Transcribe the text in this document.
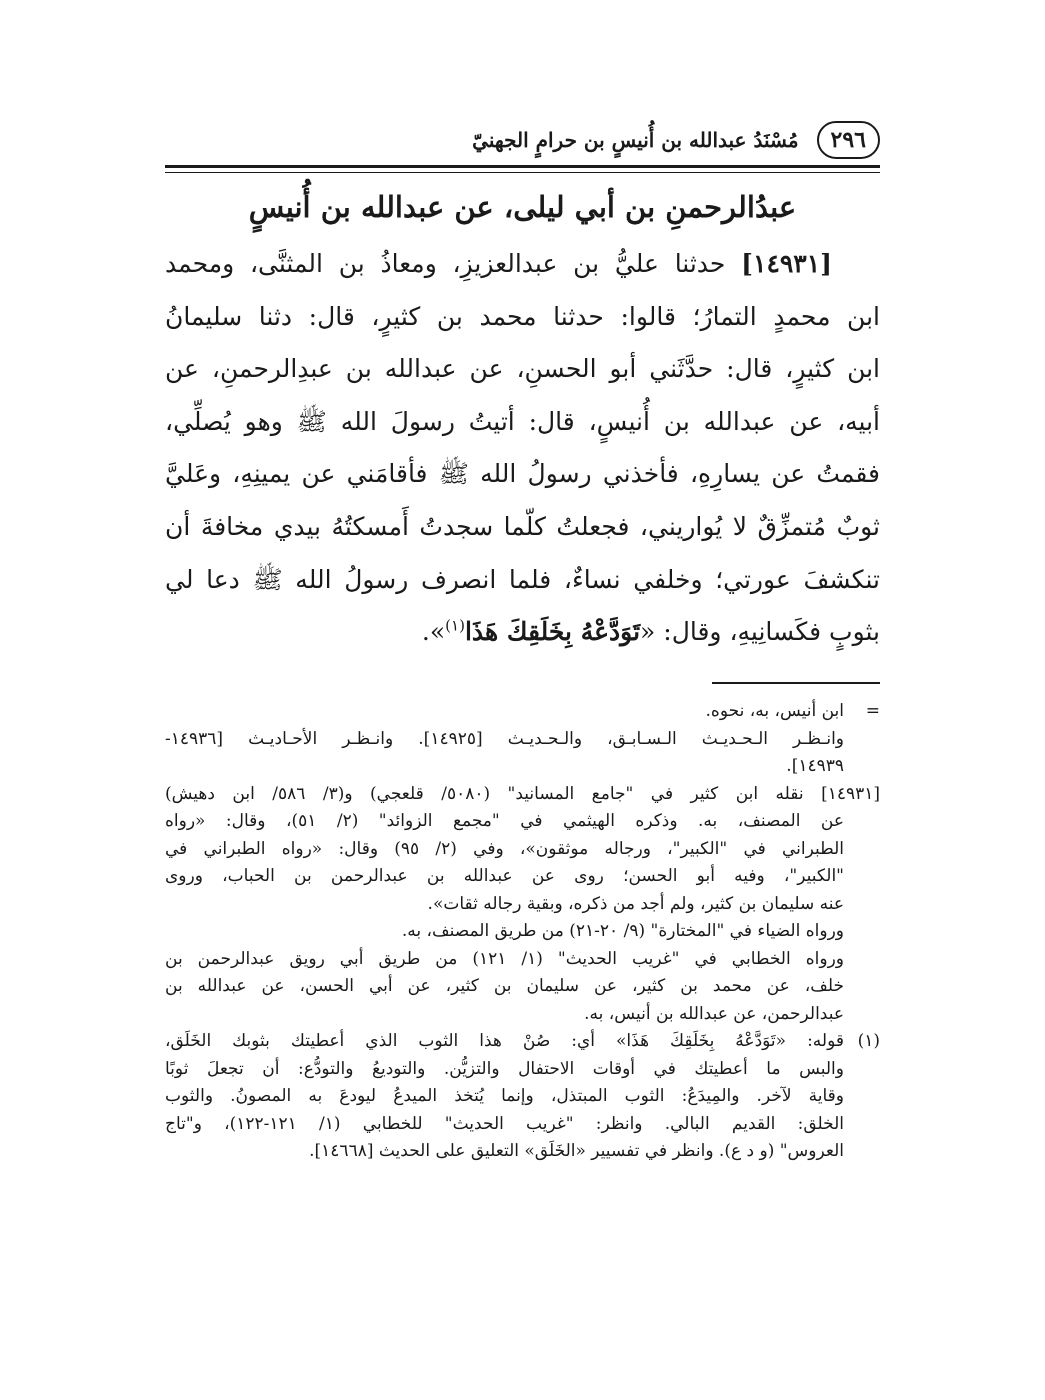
٢٩٦
مُسْنَدُ عبدالله بن أُنيسٍ بن حرامٍ الجهنيّ
عبدُالرحمنِ بن أبي ليلى، عن عبدالله بن أُنيسٍ
[١٤٩٣١] حدثنا عليُّ بن عبدالعزيزِ، ومعاذُ بن المثنَّى، ومحمد
ابن محمدٍ التمارُ؛ قالوا: حدثنا محمد بن كثيرٍ، قال: دثنا سليمانُ
ابن كثيرٍ، قال: حدَّثَني أبو الحسنِ، عن عبدالله بن عبدِالرحمنِ، عن
أبيه، عن عبدالله بن أُنيسٍ، قال: أتيتُ رسولَ الله ﷺ وهو يُصلِّي،
فقمتُ عن يسارِهِ، فأخذني رسولُ الله ﷺ فأقامَني عن يمينِهِ، وعَليَّ
ثوبٌ مُتمزِّقٌ لا يُواريني، فجعلتُ كلّما سجدتُ أَمسكتُهُ بيدي مخافةَ أن
تنكشفَ عورتي؛ وخلفي نساءٌ، فلما انصرف رسولُ الله ﷺ دعا لي
بثوبٍ فكَسانِيهِ، وقال: «تَوَدَّعْهُ بِخَلَقِكَ هَذَا$^{(١)}$».
=ابن أنيس، به، نحوه.
وانـظـر الـحـديـث الـسـابـق، والـحـديـث [١٤٩٢٥]. وانـظـر الأحـاديـث [١٤٩٣٦-
١٤٩٣٩].
[١٤٩٣١] نقله ابن كثير في "جامع المسانيد" (٥٠٨٠/ قلعجي) و(٣/ ٥٨٦/ ابن دهيش)
عن المصنف، به. وذكره الهيثمي في "مجمع الزوائد" (٢/ ٥١)، وقال: «رواه
الطبراني في "الكبير"، ورجاله موثقون»، وفي (٢/ ٩٥) وقال: «رواه الطبراني في
"الكبير"، وفيه أبو الحسن؛ روى عن عبدالله بن عبدالرحمن بن الحباب، وروى
عنه سليمان بن كثير، ولم أجد من ذكره، وبقية رجاله ثقات».
ورواه الضياء في "المختارة" (٩/ ٢٠-٢١) من طريق المصنف، به.
ورواه الخطابي في "غريب الحديث" (١/ ١٢١) من طريق أبي رويق عبدالرحمن بن
خلف، عن محمد بن كثير، عن سليمان بن كثير، عن أبي الحسن، عن عبدالله بن
عبدالرحمن، عن عبدالله بن أنيس، به.
(١)قوله: «تَوَدَّعْهُ بِخَلَقِكَ هَذَا» أي: صُنْ هذا الثوب الذي أعطيتك بثوبك الخَلَق،
والبس ما أعطيتك في أوقات الاحتفال والتزيُّن. والتوديعُ والتودُّع: أن تجعلَ ثوبًا
وقاية لآخر. والمِيدَعُ: الثوب المبتذل، وإنما يُتخذ الميدعُ ليودعَ به المصونُ. والثوب
الخلق: القديم البالي. وانظر: "غريب الحديث" للخطابي (١/ ١٢١-١٢٢)، و"تاج
العروس" (و د ع). وانظر في تفسيير «الخَلَق» التعليق على الحديث [١٤٦٦٨].
